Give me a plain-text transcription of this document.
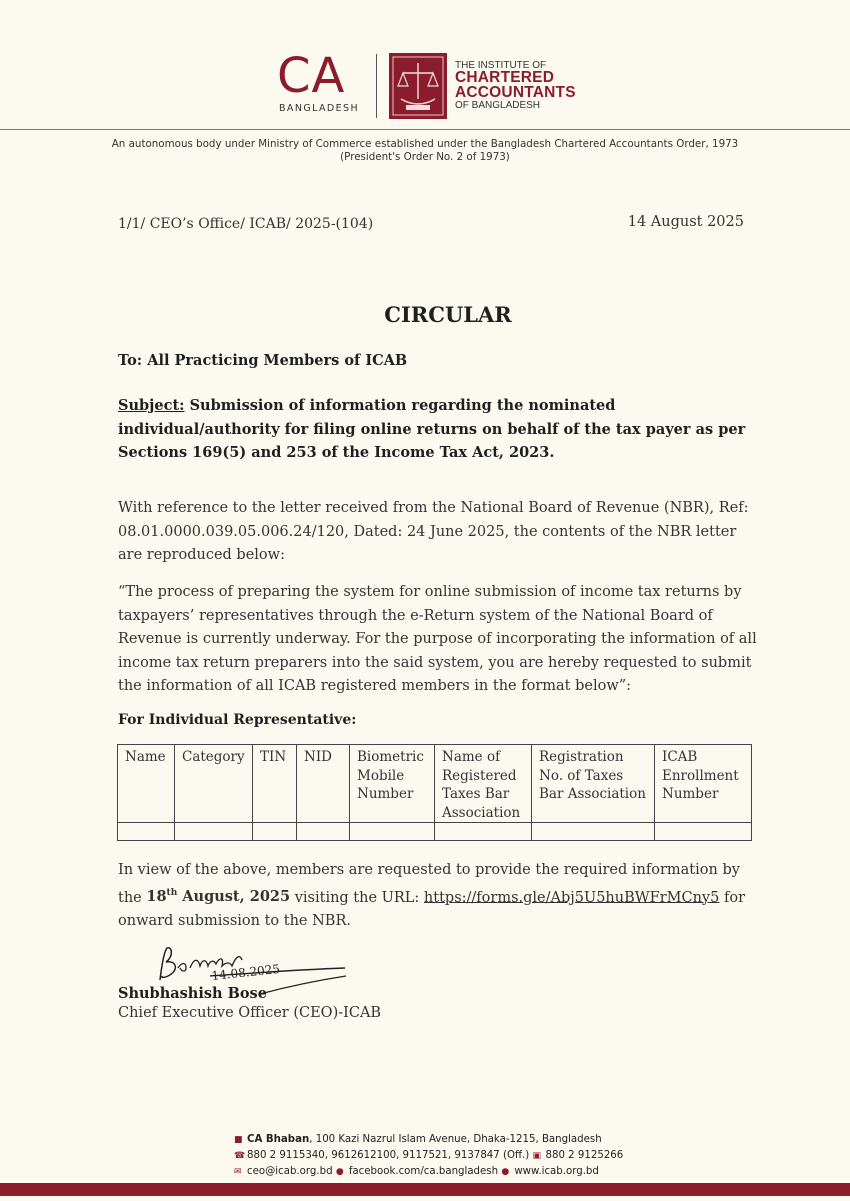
CA
BANGLADESH
THE INSTITUTE OF
CHARTERED
ACCOUNTANTS
OF BANGLADESH
An autonomous body under Ministry of Commerce established under the Bangladesh Chartered Accountants Order, 1973
(President's Order No. 2 of 1973)
1/1/ CEO’s Office/ ICAB/ 2025-(104)	14 August 2025
CIRCULAR
To: All Practicing Members of ICAB
Subject: Submission of information regarding the nominated individual/authority for filing online returns on behalf of the tax payer as per Sections 169(5) and 253 of the Income Tax Act, 2023.
With reference to the letter received from the National Board of Revenue (NBR), Ref: 08.01.0000.039.05.006.24/120, Dated: 24 June 2025, the contents of the NBR letter are reproduced below:
“The process of preparing the system for online submission of income tax returns by taxpayers’ representatives through the e-Return system of the National Board of Revenue is currently underway. For the purpose of incorporating the information of all income tax return preparers into the said system, you are hereby requested to submit the information of all ICAB registered members in the format below”:
For Individual Representative:
Name	Category	TIN	NID	Biometric Mobile Number	Name of Registered Taxes Bar Association	Registration No. of Taxes Bar Association	ICAB Enrollment Number

In view of the above, members are requested to provide the required information by the 18th August, 2025 visiting the URL: https://forms.gle/Abj5U5huBWFrMCny5 for onward submission to the NBR.
14.08.2025
Shubhashish Bose
Chief Executive Officer (CEO)-ICAB
■ CA Bhaban, 100 Kazi Nazrul Islam Avenue, Dhaka-1215, Bangladesh
☎ 880 2 9115340, 9612612100, 9117521, 9137847 (Off.) ▣ 880 2 9125266
✉ ceo@icab.org.bd ● facebook.com/ca.bangladesh ● www.icab.org.bd
